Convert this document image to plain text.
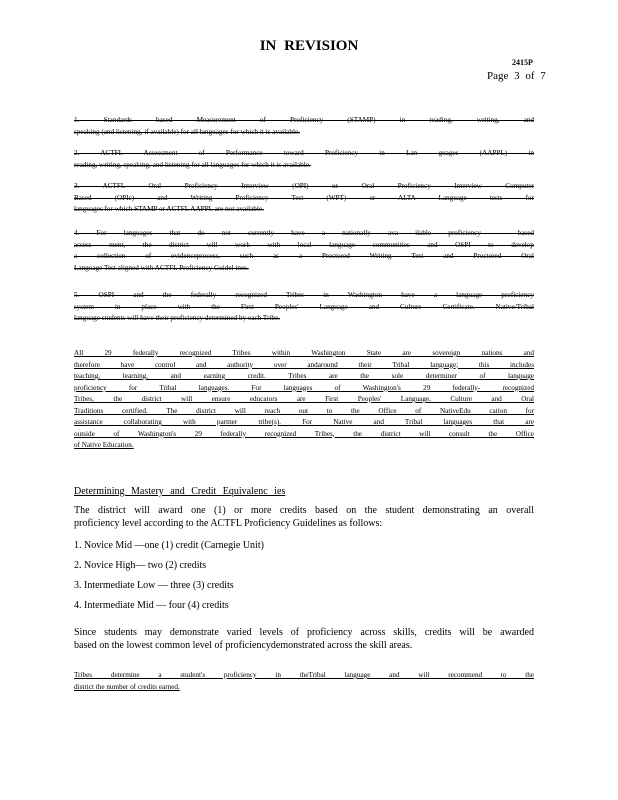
IN REVISION
2415P
Page 3 of 7
1. Standards based Measurement of Proficiency (STAMP) in reading, writing, and
speaking (and listening, if available) for all languages for which it is available.
2. ACTFL Assessment of Performance toward Proficiency in Lan guages (AAPPL) in
reading, writing, speaking, and listening for all languages for which it is available.
3. ACTFL Oral Proficiency Interview (OPI) or Oral Proficiency Interview Computer
Based (OPIc) and Writing Proficiency Test (WPT) or ALTA Language tests for
languages for which STAMP or ACTFL AAPPL are not available.
4. For languages that do not currently have a nationally ava ilable proficiency - based
assess ment, the district will work with local language communities and OSPI to develop
a collection of evidenceprocess, such as a Proctored Writing Test and Proctored Oral
Language Test aligned with ACTFL Proficiency Guidel ines.
5. OSPI and the federally recognized Tribes in Washington have a language proficiency
system in place with the First Peoples' Language and Culture Certificate. Native/Tribal
language students will have their proficiency determined by each Tribe.
All 29 federally recognized Tribes within Washington State are sovereign nations and
therefore have control and authority over andaround their Tribal language; this includes
teaching, learning, and earning credit. Tribes are the sole determiner of language
proficiency for Tribal languages. For languages of Washington's 29 federally- recognized
Tribes, the district will ensure educators are First Peoples' Language, Culture and Oral
Traditions certified. The district will reach out to the Office of NativeEdu cation for
assistance collaborating with partner tribe(s). For Native and Tribal languages that are
outside of Washington's 29 federally recognized Tribes, the district will consult the Office
of Native Education.
Determining Mastery and Credit Equivalenc ies
The district will award one (1) or more credits based on the student demonstrating an overall
proficiency level according to the ACTFL Proficiency Guidelines as follows:
1. Novice Mid —one (1) credit (Carnegie Unit)
2. Novice High— two (2) credits
3. Intermediate Low — three (3) credits
4. Intermediate Mid — four (4) credits
Since students may demonstrate varied levels of proficiency across skills, credits will be awarded
based on the lowest common level of proficiencydemonstrated across the skill areas.
Tribes determine a student's proficiency in theTribal language and will recommend to the
district the number of credits earned.
